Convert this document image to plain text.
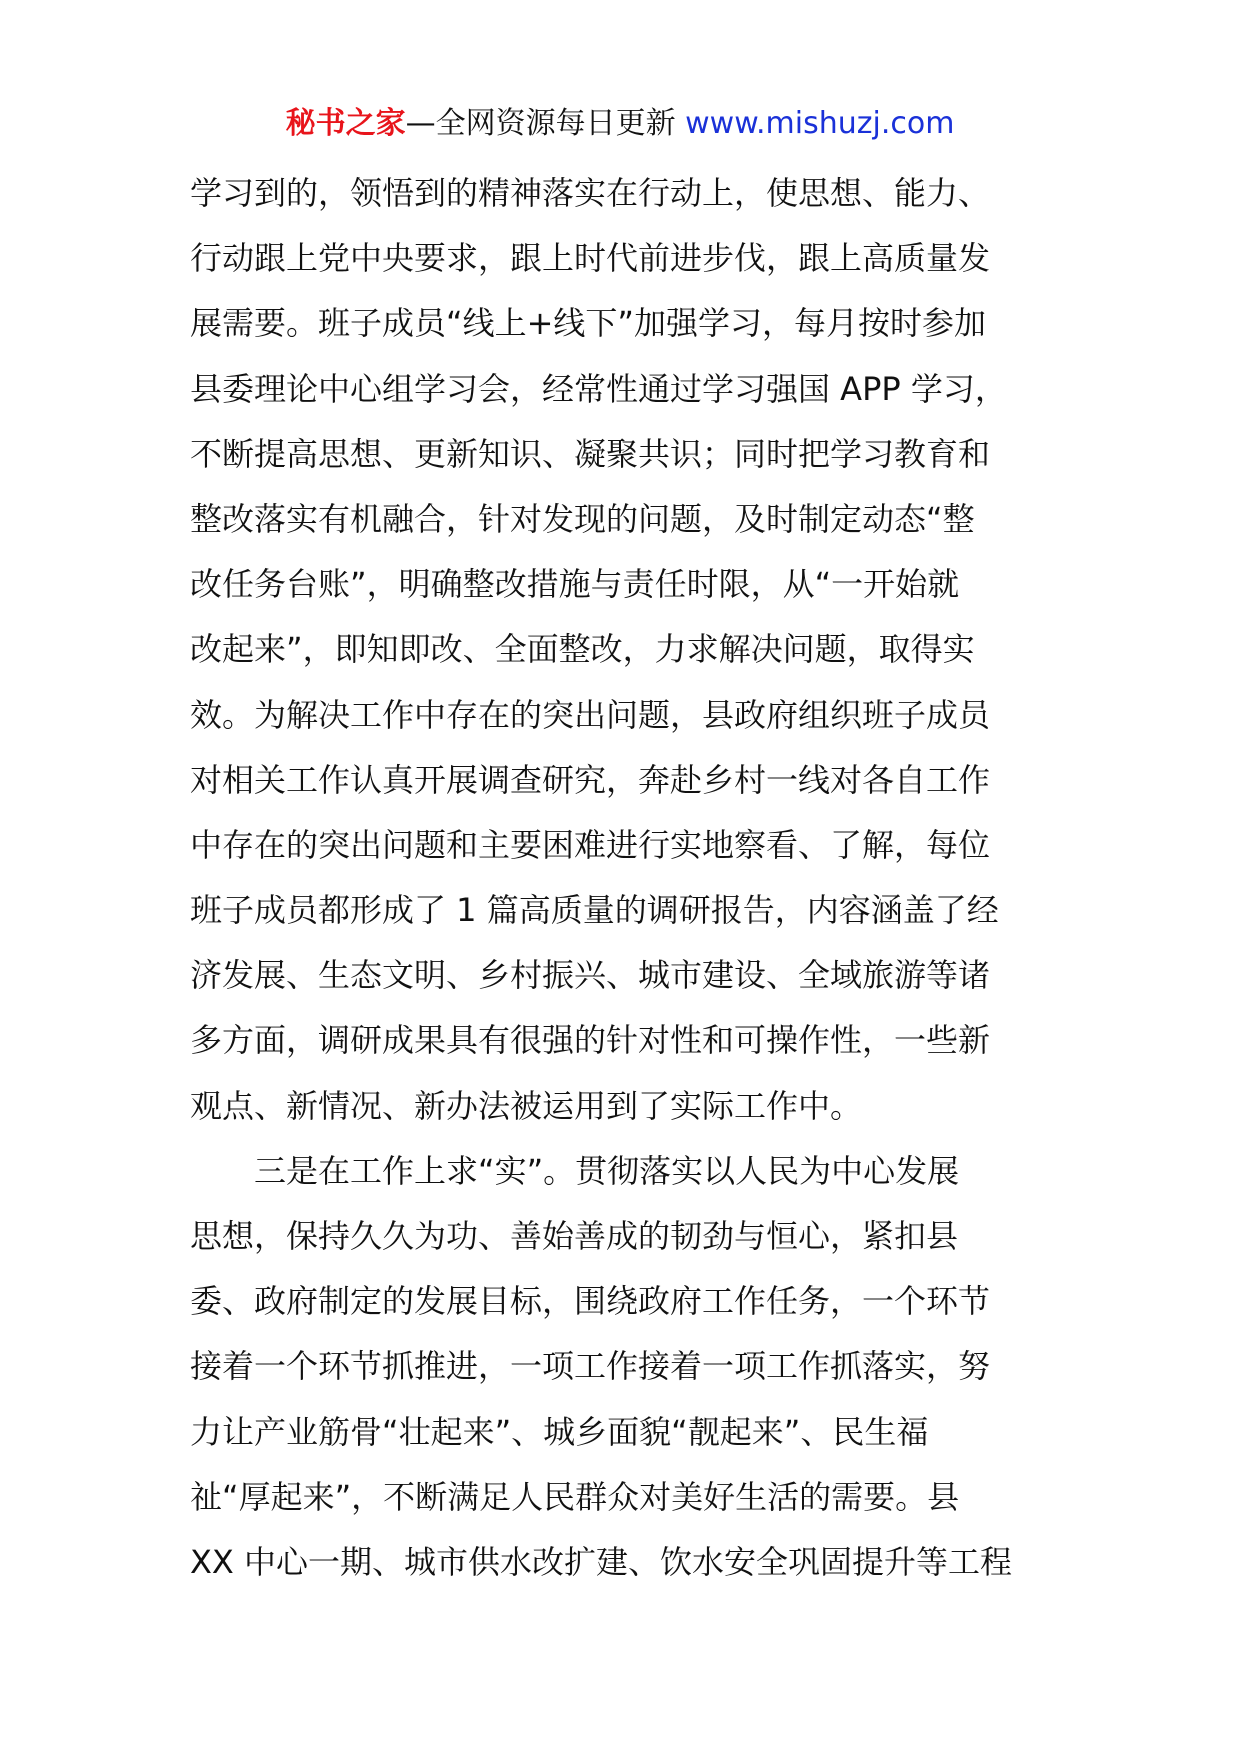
秘书之家—全网资源每日更新 www.mishuzj.com
学习到的，领悟到的精神落实在行动上，使思想、能力、
行动跟上党中央要求，跟上时代前进步伐，跟上高质量发
展需要。班子成员“线上+线下”加强学习，每月按时参加
县委理论中心组学习会，经常性通过学习强国 APP 学习，
不断提高思想、更新知识、凝聚共识；同时把学习教育和
整改落实有机融合，针对发现的问题，及时制定动态“整
改任务台账”，明确整改措施与责任时限，从“一开始就
改起来”，即知即改、全面整改，力求解决问题，取得实
效。为解决工作中存在的突出问题，县政府组织班子成员
对相关工作认真开展调查研究，奔赴乡村一线对各自工作
中存在的突出问题和主要困难进行实地察看、了解，每位
班子成员都形成了 1 篇高质量的调研报告，内容涵盖了经
济发展、生态文明、乡村振兴、城市建设、全域旅游等诸
多方面，调研成果具有很强的针对性和可操作性，一些新
观点、新情况、新办法被运用到了实际工作中。
三是在工作上求“实”。贯彻落实以人民为中心发展
思想，保持久久为功、善始善成的韧劲与恒心，紧扣县
委、政府制定的发展目标，围绕政府工作任务，一个环节
接着一个环节抓推进，一项工作接着一项工作抓落实，努
力让产业筋骨“壮起来”、城乡面貌“靓起来”、民生福
祉“厚起来”，不断满足人民群众对美好生活的需要。县
XX 中心一期、城市供水改扩建、饮水安全巩固提升等工程
